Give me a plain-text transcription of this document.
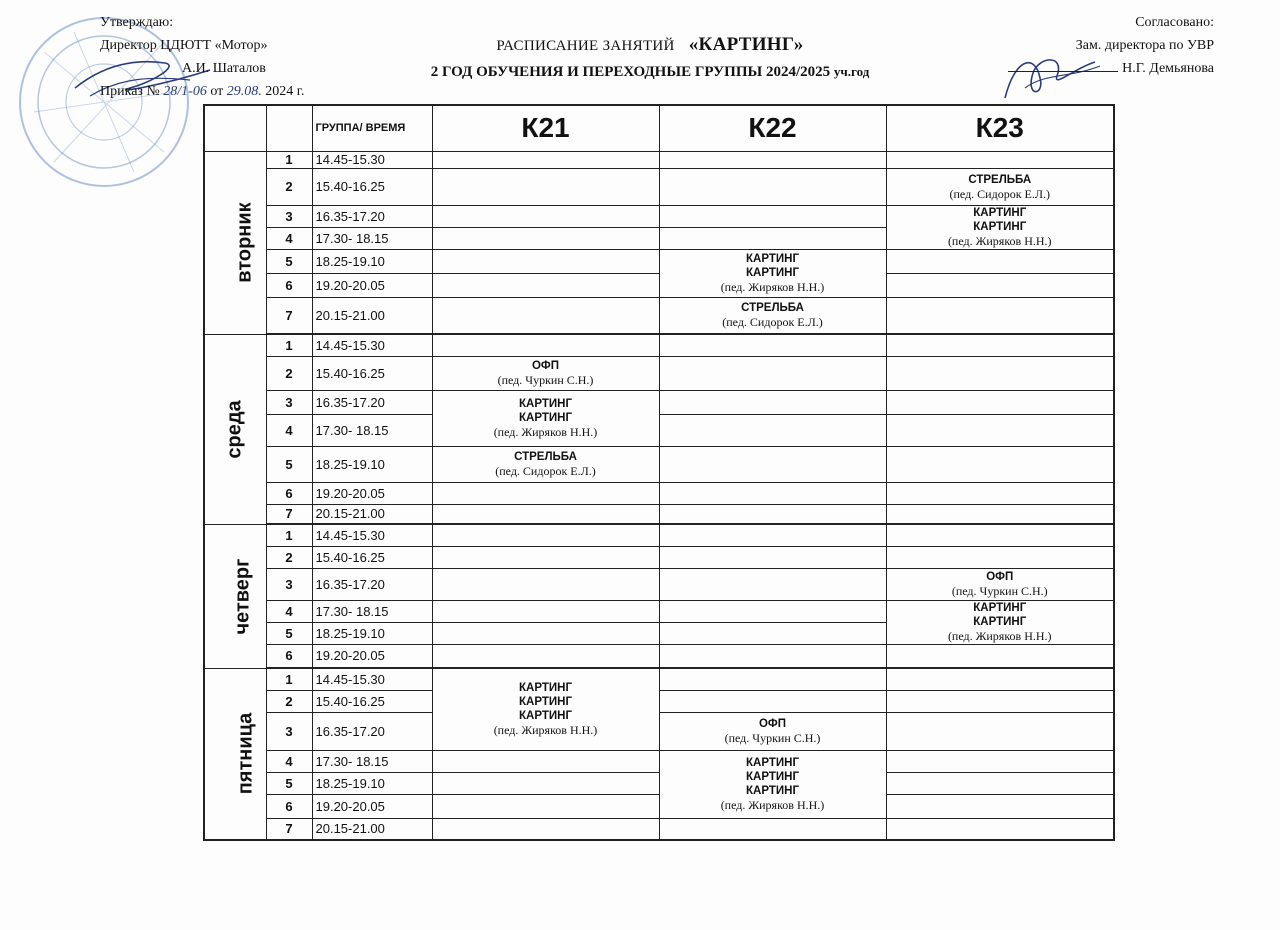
Утверждаю:
Директор ЦДЮТТ «Мотор»
А.И. Шаталов
Приказ № 28/1-06 от 29.08. 2024 г.
РАСПИСАНИЕ ЗАНЯТИЙ «КАРТИНГ»
2 ГОД ОБУЧЕНИЯ И ПЕРЕХОДНЫЕ ГРУППЫ 2024/2025 уч.год
Согласовано:
Зам. директора по УВР
Н.Г. Демьянова
		ГРУППА/ ВРЕМЯ	К21	К22	К23
вторник	1	14.45-15.30			
	2	15.40-16.25			СТРЕЛЬБА
(пед. Сидорок Е.Л.)

	3	16.35-17.20			КАРТИНГ
КАРТИНГ
(пед. Жиряков Н.Н.)

	4	17.30- 18.15			
	5	18.25-19.10		КАРТИНГ
КАРТИНГ
(пед. Жиряков Н.Н.)	

	6	19.20-20.05			
	7	20.15-21.00		СТРЕЛЬБА
(пед. Сидорок Е.Л.)	

среда	1	14.45-15.30			
	2	15.40-16.25	ОФП
(пед. Чуркин С.Н.)		

	3	16.35-17.20	КАРТИНГ
КАРТИНГ
(пед. Жиряков Н.Н.)		

	4	17.30- 18.15			
	5	18.25-19.10	СТРЕЛЬБА
(пед. Сидорок Е.Л.)		

	6	19.20-20.05			
	7	20.15-21.00			
четверг	1	14.45-15.30			
	2	15.40-16.25			
	3	16.35-17.20			ОФП
(пед. Чуркин С.Н.)

	4	17.30- 18.15			КАРТИНГ
КАРТИНГ
(пед. Жиряков Н.Н.)

	5	18.25-19.10			
	6	19.20-20.05			
пятница	1	14.45-15.30	КАРТИНГ
КАРТИНГ
КАРТИНГ
(пед. Жиряков Н.Н.)		

	2	15.40-16.25			
	3	16.35-17.20		ОФП
(пед. Чуркин С.Н.)	

	4	17.30- 18.15		КАРТИНГ
КАРТИНГ
КАРТИНГ
(пед. Жиряков Н.Н.)	

	5	18.25-19.10			
	6	19.20-20.05			
	7	20.15-21.00			
